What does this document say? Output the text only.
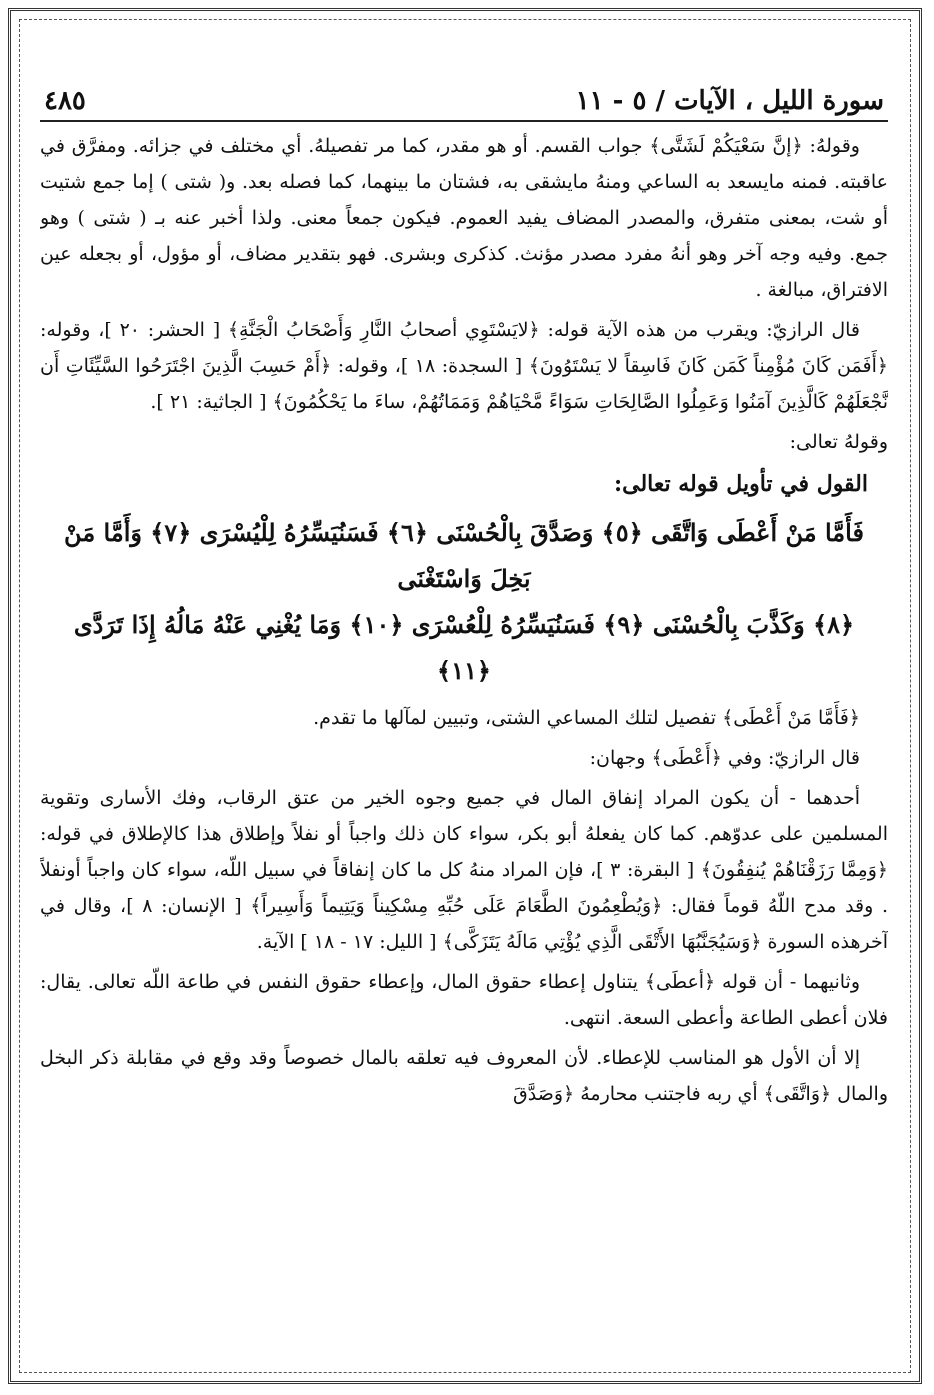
سورة الليل ، الآيات / ٥ - ١١
٤٨٥

وقولهُ: ﴿إنَّ سَعْيَكُمْ لَشَتَّى﴾ جواب القسم. أو هو مقدر، كما مر تفصيلهُ. أي مختلف في جزائه. ومفرَّق في عاقبته. فمنه مايسعد به الساعي ومنهُ مايشقى به، فشتان ما بينهما، كما فصله بعد. و( شتى ) إما جمع شتيت أو شت، بمعنى متفرق، والمصدر المضاف يفيد العموم. فيكون جمعاً معنى. ولذا أخبر عنه بـ ( شتى ) وهو جمع. وفيه وجه آخر وهو أنهُ مفرد مصدر مؤنث. كذكرى وبشرى. فهو بتقدير مضاف، أو مؤول، أو بجعله عين الافتراق، مبالغة .

قال الرازيّ: ويقرب من هذه الآية قوله: ﴿لايَسْتَوِي أصحابُ النَّارِ وَأَصْحَابُ الْجَنَّةِ﴾ [ الحشر: ٢٠ ]، وقوله: ﴿أَفَمَن كَانَ مُؤْمِناً كَمَن كَانَ فَاسِقاً لا يَسْتَوُونَ﴾ [ السجدة: ١٨ ]، وقوله: ﴿أَمْ حَسِبَ الَّذِينَ اجْتَرَحُوا السَّيِّئَاتِ أَن نَّجْعَلَهُمْ كَالَّذِينَ آمَنُوا وَعَمِلُوا الصَّالِحَاتِ سَوَاءً مَّحْيَاهُمْ وَمَمَاتُهُمْ، ساءَ ما يَحْكُمُونَ﴾ [ الجاثية: ٢١ ].

وقولهُ تعالى:

القول في تأويل قوله تعالى:
فَأَمَّا مَنْ أَعْطَى وَاتَّقَى ﴿٥﴾ وَصَدَّقَ بِالْحُسْنَى ﴿٦﴾ فَسَنُيَسِّرُهُ لِلْيُسْرَى ﴿٧﴾ وَأَمَّا مَنْ بَخِلَ وَاسْتَغْنَى
﴿٨﴾ وَكَذَّبَ بِالْحُسْنَى ﴿٩﴾ فَسَنُيَسِّرُهُ لِلْعُسْرَى ﴿١٠﴾ وَمَا يُغْنِي عَنْهُ مَالُهُ إِذَا تَرَدَّى ﴿١١﴾

﴿فَأَمَّا مَنْ أَعْطَى﴾ تفصيل لتلك المساعي الشتى، وتبيين لمآلها ما تقدم.

قال الرازيّ: وفي ﴿أَعْطَى﴾ وجهان:

أحدهما - أن يكون المراد إنفاق المال في جميع وجوه الخير من عتق الرقاب، وفك الأسارى وتقوية المسلمين على عدوّهم. كما كان يفعلهُ أبو بكر، سواء كان ذلك واجباً أو نفلاً وإطلاق هذا كالإطلاق في قوله: ﴿وَمِمَّا رَزَقْنَاهُمْ يُنفِقُونَ﴾ [ البقرة: ٣ ]، فإن المراد منهُ كل ما كان إنفاقاً في سبيل اللّه، سواء كان واجباً أونفلاً . وقد مدح اللّهُ قوماً فقال: ﴿وَيُطْعِمُونَ الطَّعَامَ عَلَى حُبِّهِ مِسْكِيناً وَيَتِيماً وَأَسِيراً﴾ [ الإنسان: ٨ ]، وقال في آخرهذه السورة ﴿وَسَيُجَنَّبُهَا الأَتْقَى الَّذِي يُؤْتِي مَالَهُ يَتَزَكَّى﴾ [ الليل: ١٧ - ١٨ ] الآية.

وثانيهما - أن قوله ﴿أعطَى﴾ يتناول إعطاء حقوق المال، وإعطاء حقوق النفس في طاعة اللّه تعالى. يقال: فلان أعطى الطاعة وأعطى السعة. انتهى.

إلا أن الأول هو المناسب للإعطاء. لأن المعروف فيه تعلقه بالمال خصوصاً وقد وقع في مقابلة ذكر البخل والمال ﴿وَاتَّقَى﴾ أي ربه فاجتنب محارمهُ ﴿وَصَدَّقَ
